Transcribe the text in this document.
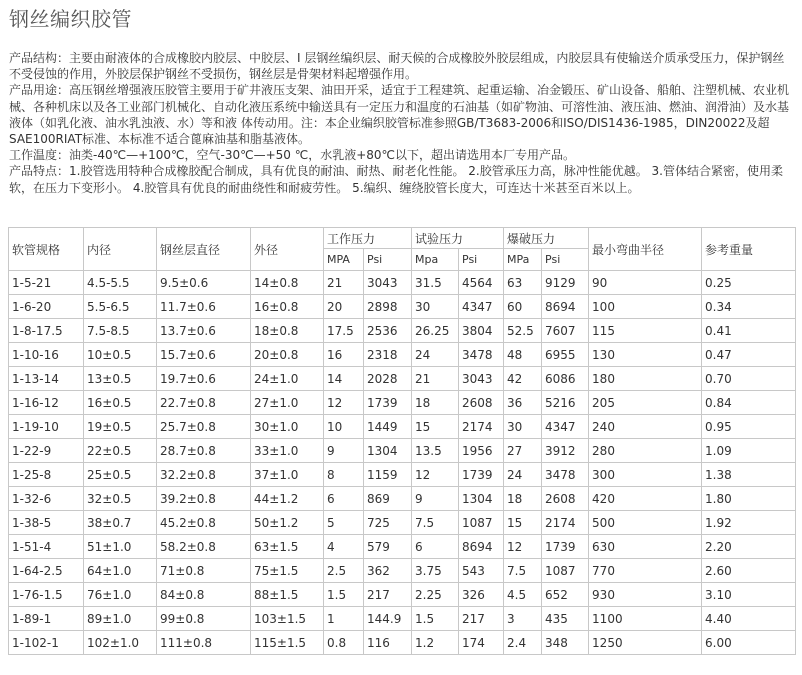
钢丝编织胶管

产品结构：主要由耐液体的合成橡胶内胶层、中胶层、I 层钢丝编织层、耐天候的合成橡胶外胶层组成，内胶层具有使输送介质承受压力，保护钢丝不受侵蚀的作用，外胶层保护钢丝不受损伤，钢丝层是骨架材料起增强作用。

产品用途：高压钢丝增强液压胶管主要用于矿井液压支架、油田开采，适宜于工程建筑、起重运输、冶金锻压、矿山设备、船舶、注塑机械、农业机械、各种机床以及各工业部门机械化、自动化液压系统中输送具有一定压力和温度的石油基（如矿物油、可溶性油、液压油、燃油、润滑油）及水基液体（如乳化液、油水乳浊液、水）等和液 体传动用。注：本企业编织胶管标准参照GB/T3683-2006和ISO/DIS1436-1985，DIN20022及超SAE100RIAT标准、本标准不适合蓖麻油基和脂基液体。

工作温度：油类-40℃—+100℃，空气-30℃—+50 ℃，水乳液+80℃以下，超出请选用本厂专用产品。

产品特点：1.胶管选用特种合成橡胶配合制成，具有优良的耐油、耐热、耐老化性能。 2.胶管承压力高，脉冲性能优越。 3.管体结合紧密，使用柔软，在压力下变形小。 4.胶管具有优良的耐曲绕性和耐疲劳性。 5.编织、缠绕胶管长度大，可连达十米甚至百米以上。

软管规格	内径	钢丝层直径	外径	工作压力		试验压力		爆破压力		最小弯曲半径	参考重量
				MPA	Psi	Mpa	Psi	MPa	Psi		
1-5-21	4.5-5.5	9.5±0.6	14±0.8	21	3043	31.5	4564	63	9129	90	0.25
1-6-20	5.5-6.5	11.7±0.6	16±0.8	20	2898	30	4347	60	8694	100	0.34
1-8-17.5	7.5-8.5	13.7±0.6	18±0.8	17.5	2536	26.25	3804	52.5	7607	115	0.41
1-10-16	10±0.5	15.7±0.6	20±0.8	16	2318	24	3478	48	6955	130	0.47
1-13-14	13±0.5	19.7±0.6	24±1.0	14	2028	21	3043	42	6086	180	0.70
1-16-12	16±0.5	22.7±0.8	27±1.0	12	1739	18	2608	36	5216	205	0.84
1-19-10	19±0.5	25.7±0.8	30±1.0	10	1449	15	2174	30	4347	240	0.95
1-22-9	22±0.5	28.7±0.8	33±1.0	9	1304	13.5	1956	27	3912	280	1.09
1-25-8	25±0.5	32.2±0.8	37±1.0	8	1159	12	1739	24	3478	300	1.38
1-32-6	32±0.5	39.2±0.8	44±1.2	6	869	9	1304	18	2608	420	1.80
1-38-5	38±0.7	45.2±0.8	50±1.2	5	725	7.5	1087	15	2174	500	1.92
1-51-4	51±1.0	58.2±0.8	63±1.5	4	579	6	8694	12	1739	630	2.20
1-64-2.5	64±1.0	71±0.8	75±1.5	2.5	362	3.75	543	7.5	1087	770	2.60
1-76-1.5	76±1.0	84±0.8	88±1.5	1.5	217	2.25	326	4.5	652	930	3.10
1-89-1	89±1.0	99±0.8	103±1.5	1	144.9	1.5	217	3	435	1100	4.40
1-102-1	102±1.0	111±0.8	115±1.5	0.8	116	1.2	174	2.4	348	1250	6.00
